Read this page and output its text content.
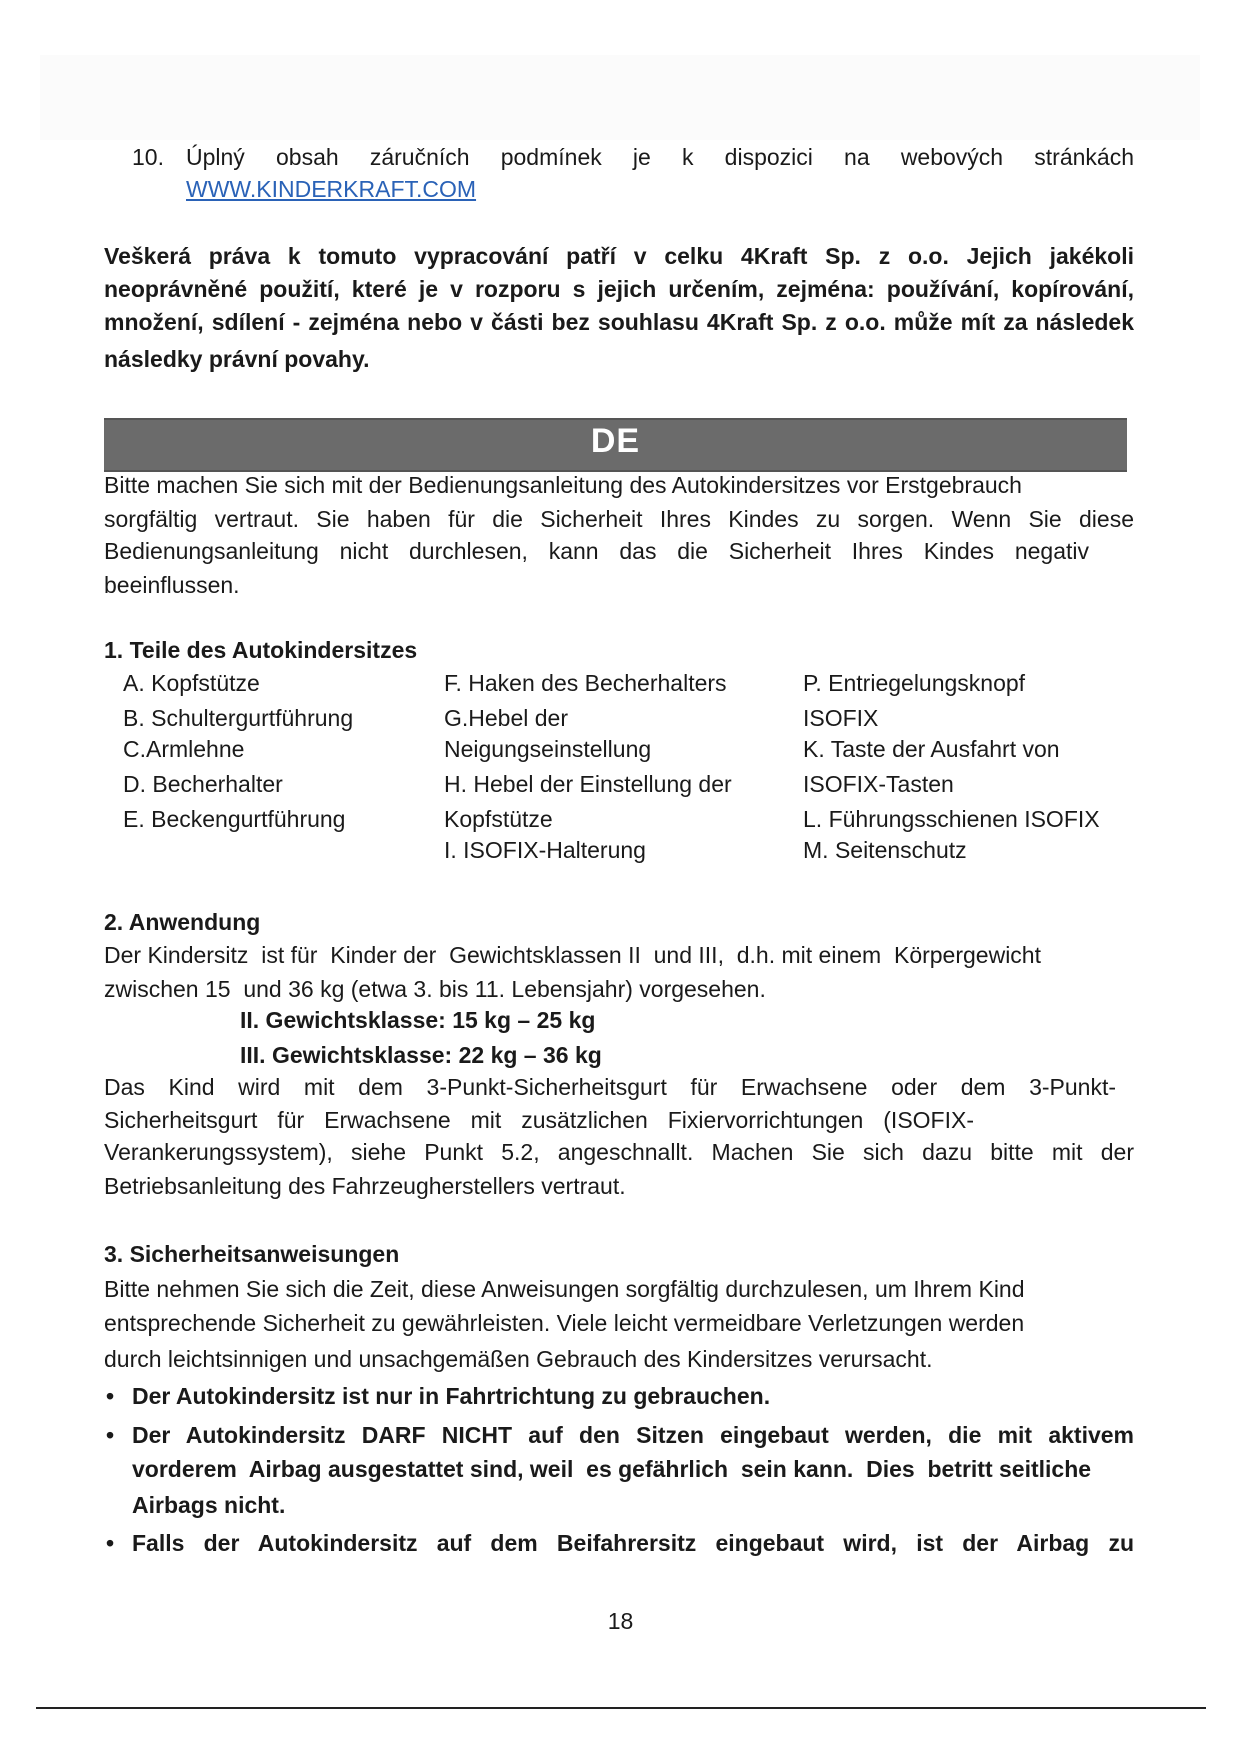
10. Úplný obsah záručních podmínek je k dispozici na webových stránkách
WWW.KINDERKRAFT.COM
Veškerá práva k tomuto vypracování patří v celku 4Kraft Sp. z o.o. Jejich jakékoli
neoprávněné použití, které je v rozporu s jejich určením, zejména: používání, kopírování,
množení, sdílení - zejména nebo v části bez souhlasu 4Kraft Sp. z o.o. může mít za následek
následky právní povahy.
DE
Bitte machen Sie sich mit der Bedienungsanleitung des Autokindersitzes vor Erstgebrauch
sorgfältig vertraut. Sie haben für die Sicherheit Ihres Kindes zu sorgen. Wenn Sie diese
Bedienungsanleitung nicht durchlesen, kann das die Sicherheit Ihres Kindes negativ
beeinflussen.
1. Teile des Autokindersitzes
A. Kopfstütze
B. Schultergurtführung
C.Armlehne
D. Becherhalter
E. Beckengurtführung
F. Haken des Becherhalters
G.Hebel der
Neigungseinstellung
H. Hebel der Einstellung der
Kopfstütze
I. ISOFIX-Halterung
P. Entriegelungsknopf
ISOFIX
K. Taste der Ausfahrt von
ISOFIX-Tasten
L. Führungsschienen ISOFIX
M. Seitenschutz
2. Anwendung
Der Kindersitz  ist für  Kinder der  Gewichtsklassen II  und III,  d.h. mit einem  Körpergewicht
zwischen 15  und 36 kg (etwa 3. bis 11. Lebensjahr) vorgesehen.
II. Gewichtsklasse: 15 kg – 25 kg
III. Gewichtsklasse: 22 kg – 36 kg
Das Kind wird mit dem 3-Punkt-Sicherheitsgurt für Erwachsene oder dem 3-Punkt-
Sicherheitsgurt für Erwachsene mit zusätzlichen Fixiervorrichtungen (ISOFIX-
Verankerungssystem), siehe Punkt 5.2, angeschnallt. Machen Sie sich dazu bitte mit der
Betriebsanleitung des Fahrzeugherstellers vertraut.
3. Sicherheitsanweisungen
Bitte nehmen Sie sich die Zeit, diese Anweisungen sorgfältig durchzulesen, um Ihrem Kind
entsprechende Sicherheit zu gewährleisten. Viele leicht vermeidbare Verletzungen werden
durch leichtsinnigen und unsachgemäßen Gebrauch des Kindersitzes verursacht.
• Der Autokindersitz ist nur in Fahrtrichtung zu gebrauchen.
• Der Autokindersitz DARF NICHT auf den Sitzen eingebaut werden, die mit aktivem
vorderem  Airbag ausgestattet sind, weil  es gefährlich  sein kann.  Dies  betritt seitliche
Airbags nicht.
• Falls der Autokindersitz auf dem Beifahrersitz eingebaut wird, ist der Airbag zu
18
